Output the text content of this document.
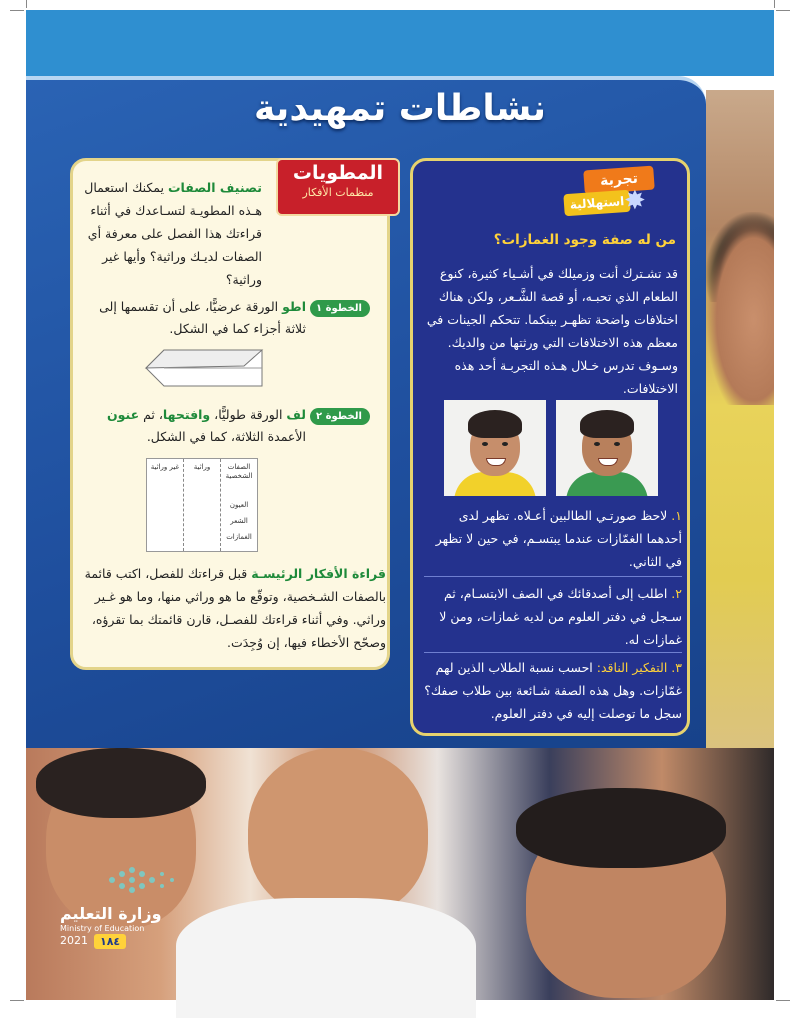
نشاطات تمهيدية
المطويات
منظمات الأفكار
تصنيف الصفات يمكنك استعمال هـذه المطويـة لتسـاعدك في أثناء قراءتك هذا الفصل على معرفة أي الصفات لديـك وراثية؟ وأيها غير وراثية؟
الخطوة ١
اطو الورقة عرضيًّا، على أن تقسمها إلى ثلاثة أجزاء كما في الشكل.
الخطوة ٢
لف الورقة طوليًّا، وافتحها، ثم عنون الأعمدة الثلاثة، كما في الشكل.
غير وراثية	وراثية	الصفات الشخصية
العيون
الشعر
الغمازات
قراءة الأفكار الرئيسـة قبل قراءتك للفصل، اكتب قائمة بالصفات الشـخصية، وتوقّع ما هو وراثي منها، وما هو غـير وراثي. وفي أثناء قراءتك للفصـل، قارن قائمتك بما تقرؤه، وصحّح الأخطاء فيها، إن وُجِدَت.
تجربة
استهلالية ✸
من له صفة وجود الغمازات؟
قد تشـترك أنت وزميلك في أشـياء كثيرة، كنوع الطعام الذي تحبـه، أو قصة الشَّـعر، ولكن هناك اختلافات واضحة تظهـر بينكما. تتحكم الجينات في معظم هذه الاختلافات التي ورثتها من والديك. وسـوف تدرس خـلال هـذه التجربـة أحد هذه الاختلافات.
١. لاحظ صورتـي الطالبين أعـلاه. تظهر لدى أحدهما الغمّازات عندما يبتسـم، في حين لا تظهر في الثاني.
٢. اطلب إلى أصدقائك في الصف الابتسـام، ثم سـجل في دفتر العلوم من لديه غمازات، ومن لا غمازات له.
٣. التفكير الناقد: احسب نسبة الطلاب الذين لهم غمّازات. وهل هذه الصفة شـائعة بين طلاب صفك؟ سجل ما توصلت إليه في دفتر العلوم.
وزارة التعليم
Ministry of Education
2021	١٨٤
